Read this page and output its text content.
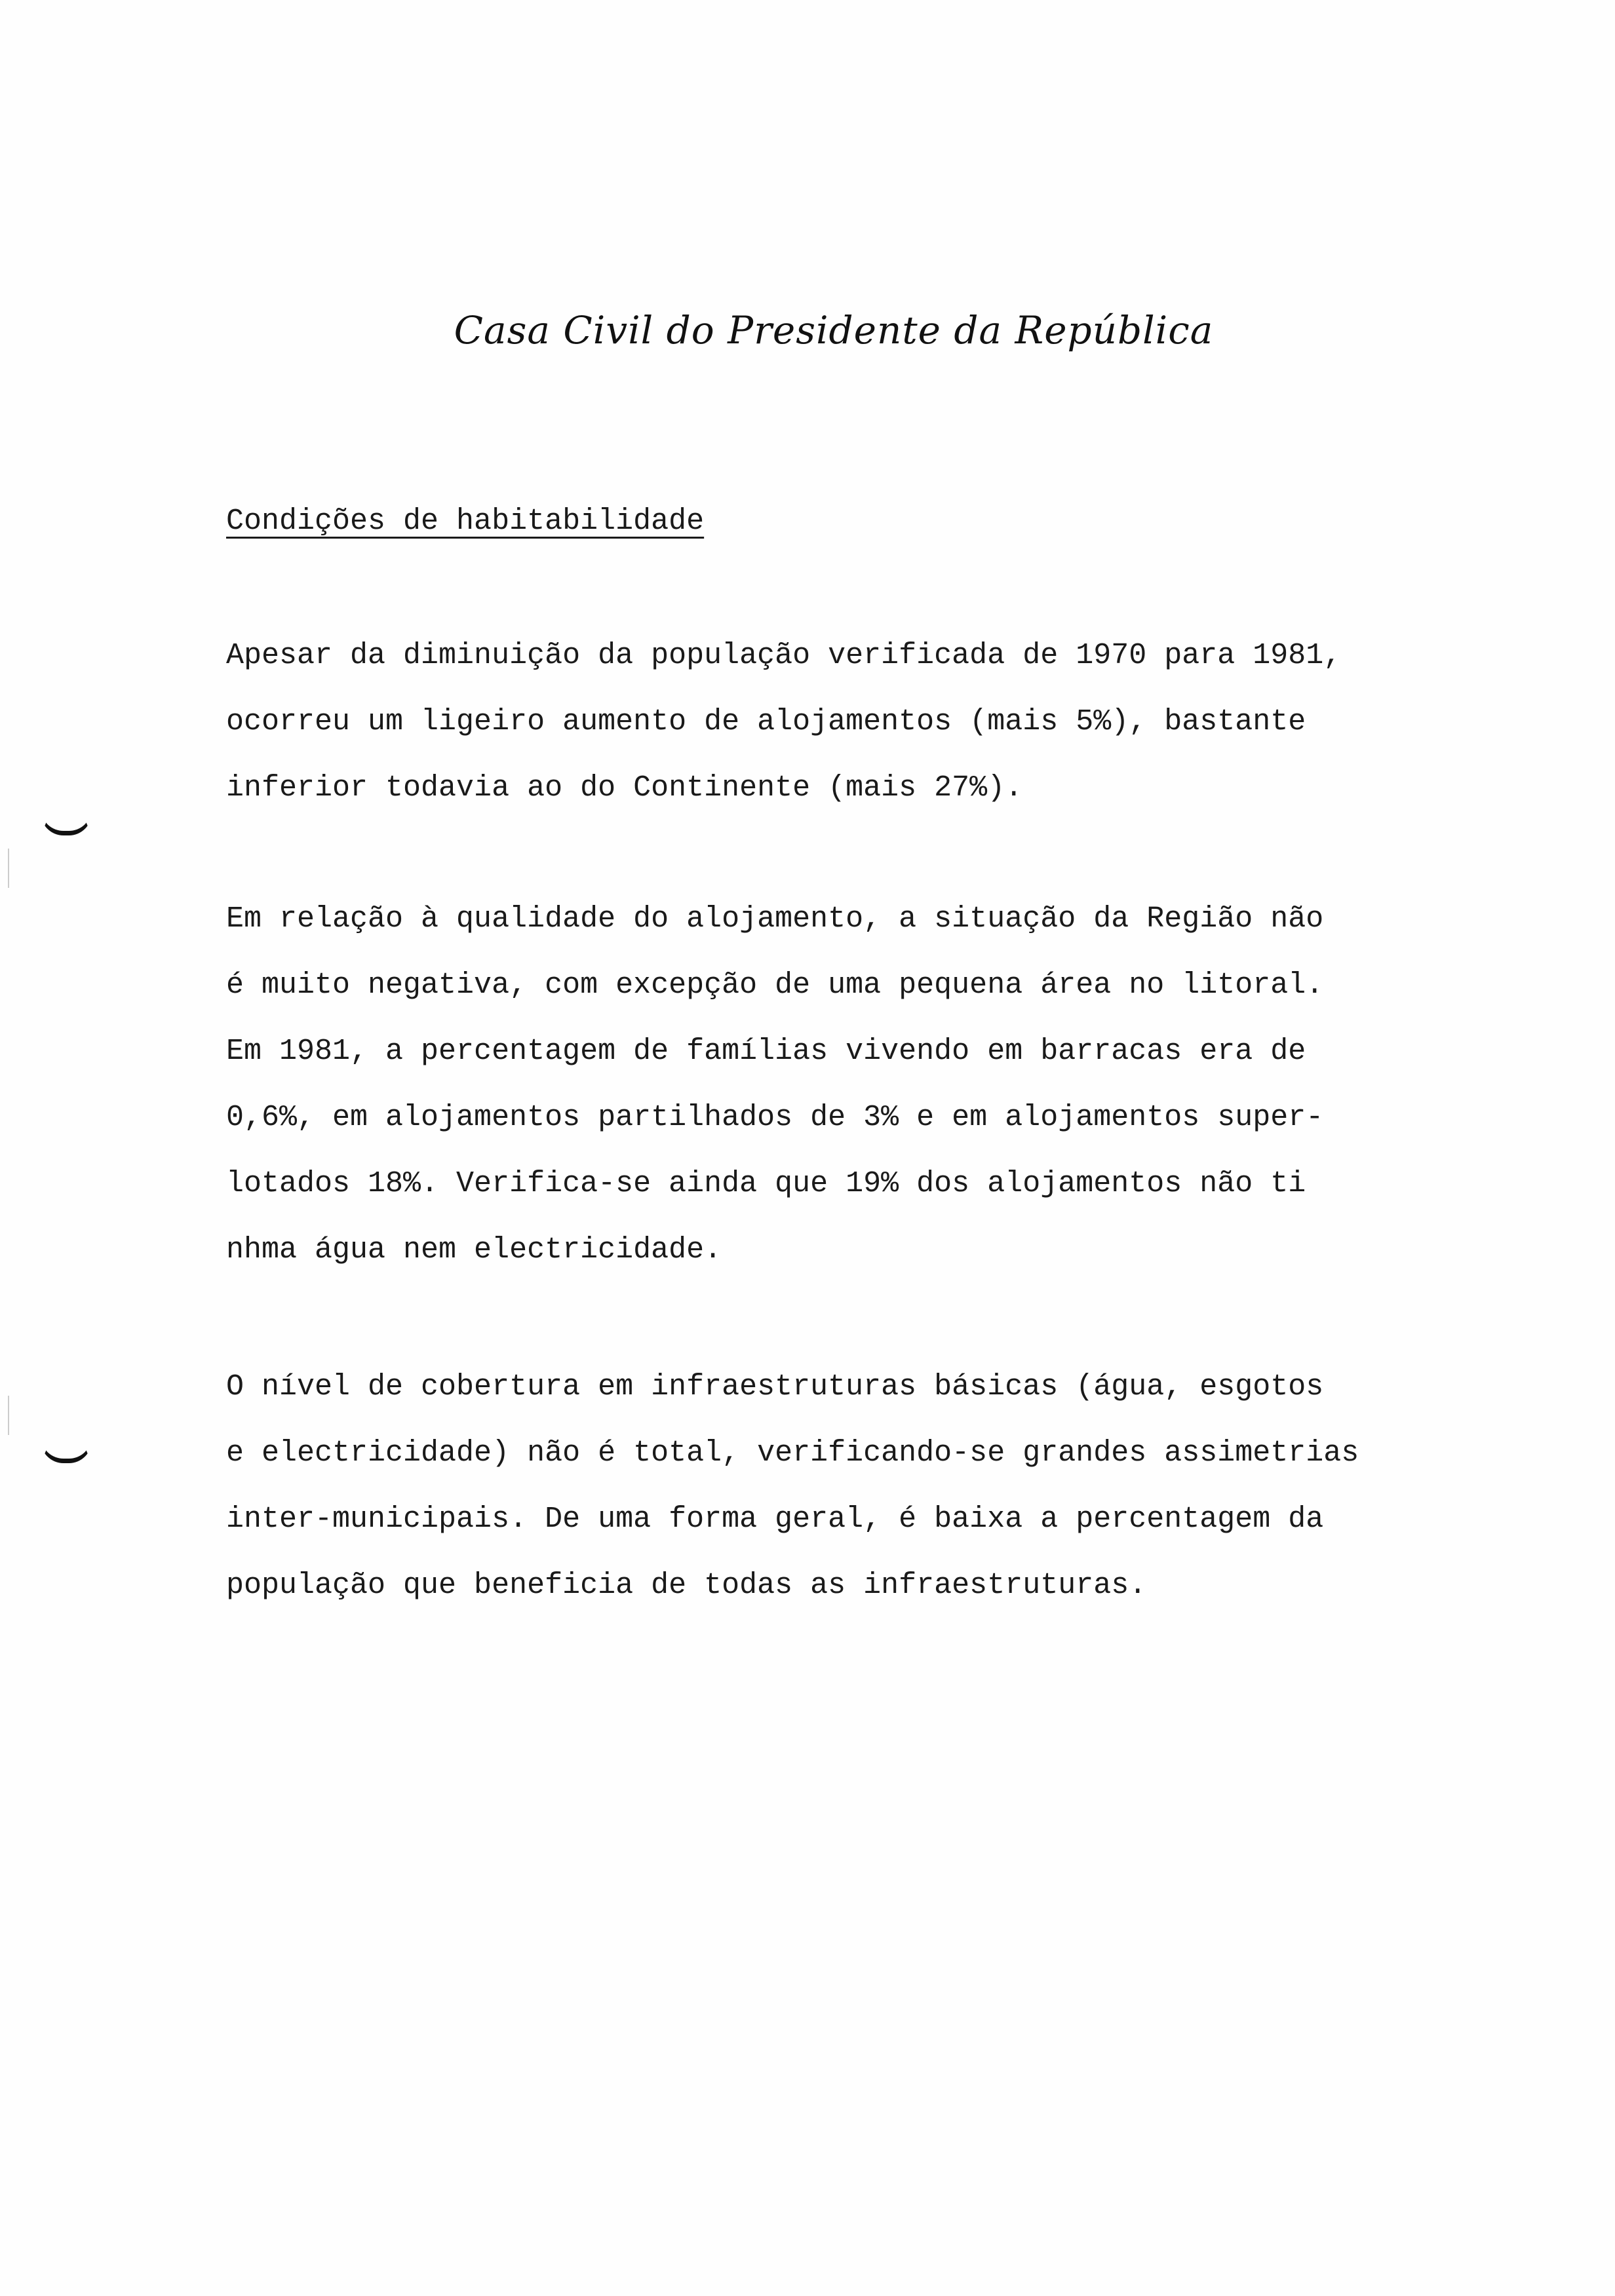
Casa Civil do Presidente da República
Condições de habitabilidade
Apesar da diminuição da população verificada de 1970 para 1981,
ocorreu um ligeiro aumento de alojamentos (mais 5%), bastante
inferior todavia ao do Continente (mais 27%).
Em relação à qualidade do alojamento, a situação da Região não
é muito negativa, com excepção de uma pequena área no litoral.
Em 1981, a percentagem de famílias vivendo em barracas era de
0,6%, em alojamentos partilhados de 3% e em alojamentos super-
lotados 18%. Verifica-se ainda que 19% dos alojamentos não ti
nhma água nem electricidade.
O nível de cobertura em infraestruturas básicas (água, esgotos
e electricidade) não é total, verificando-se grandes assimetrias
inter-municipais. De uma forma geral, é baixa a percentagem da
população que beneficia de todas as infraestruturas.
